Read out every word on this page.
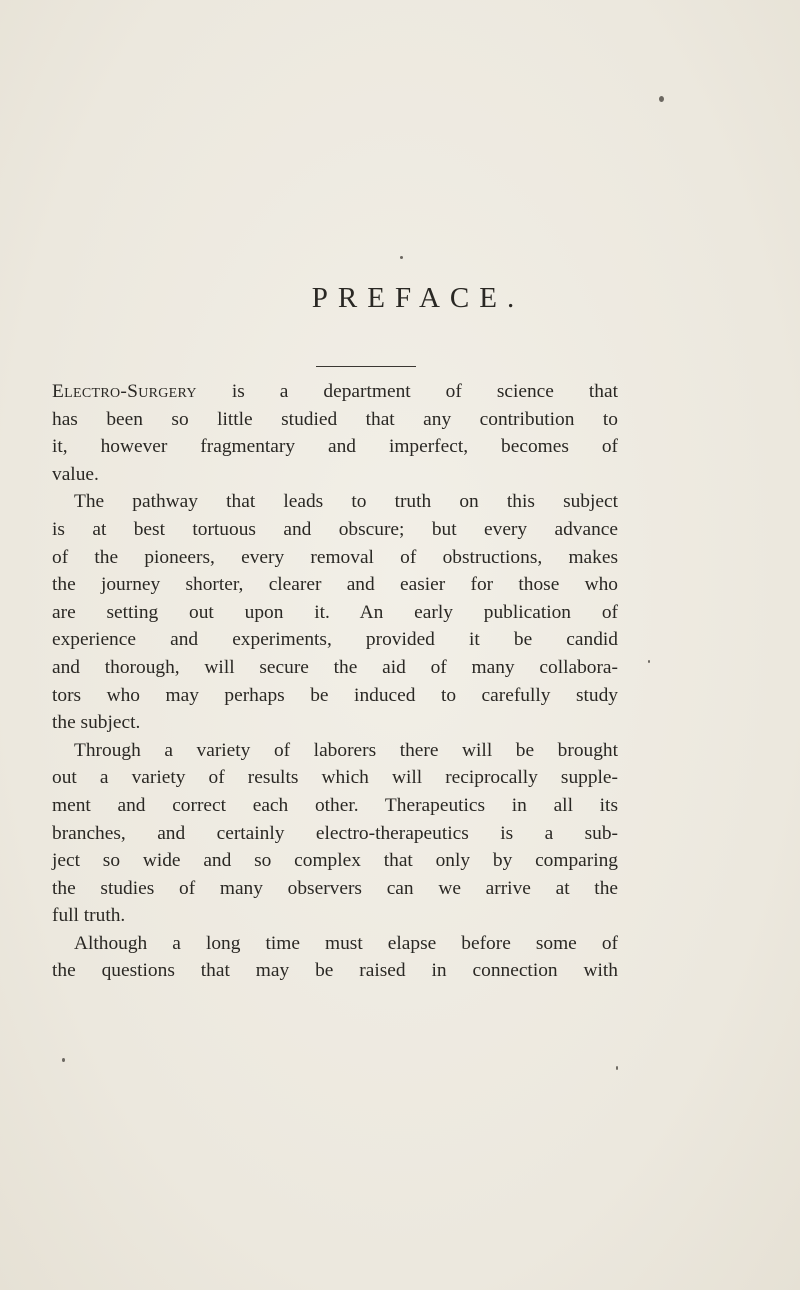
PREFACE.
Electro-Surgery is a department of science that
has been so little studied that any contribution to
it, however fragmentary and imperfect, becomes of
value.
The pathway that leads to truth on this subject
is at best tortuous and obscure; but every advance
of the pioneers, every removal of obstructions, makes
the journey shorter, clearer and easier for those who
are setting out upon it. An early publication of
experience and experiments, provided it be candid
and thorough, will secure the aid of many collabora-
tors who may perhaps be induced to carefully study
the subject.
Through a variety of laborers there will be brought
out a variety of results which will reciprocally supple-
ment and correct each other. Therapeutics in all its
branches, and certainly electro-therapeutics is a sub-
ject so wide and so complex that only by comparing
the studies of many observers can we arrive at the
full truth.
Although a long time must elapse before some of
the questions that may be raised in connection with
